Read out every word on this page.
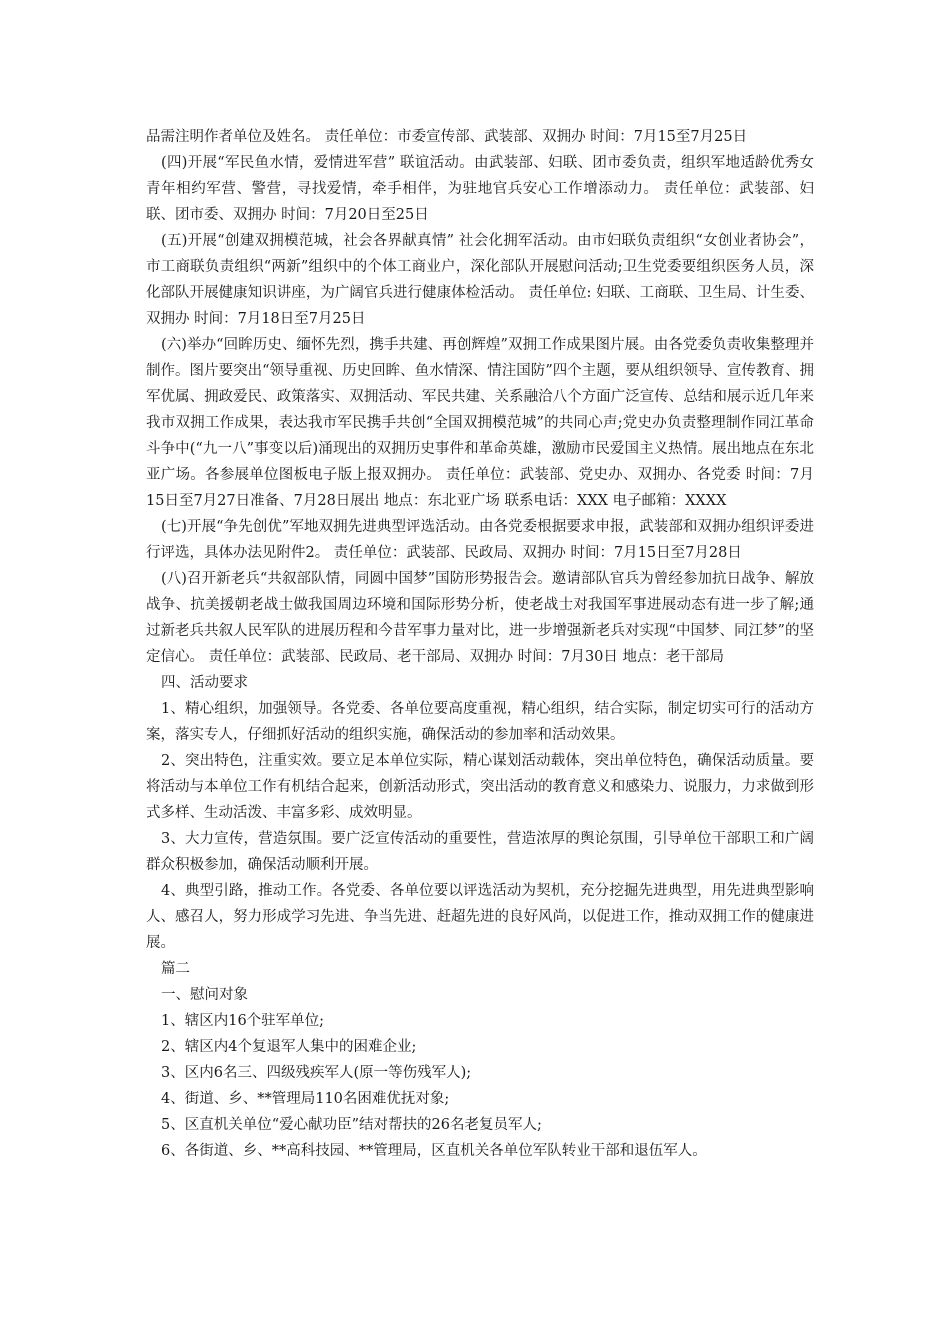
品需注明作者单位及姓名。 责任单位：市委宣传部、武装部、双拥办 时间：7月15至7月25日

(四)开展“军民鱼水情，爱情进军营” 联谊活动。由武装部、妇联、团市委负责，组织军地适龄优秀女青年相约军营、警营，寻找爱情，牵手相伴，为驻地官兵安心工作增添动力。 责任单位：武装部、妇联、团市委、双拥办 时间：7月20日至25日

(五)开展“创建双拥模范城，社会各界献真情” 社会化拥军活动。由市妇联负责组织“女创业者协会”，市工商联负责组织“两新”组织中的个体工商业户，深化部队开展慰问活动;卫生党委要组织医务人员，深化部队开展健康知识讲座，为广阔官兵进行健康体检活动。 责任单位: 妇联、工商联、卫生局、计生委、双拥办 时间：7月18日至7月25日

(六)举办“回眸历史、缅怀先烈，携手共建、再创辉煌”双拥工作成果图片展。由各党委负责收集整理并制作。图片要突出“领导重视、历史回眸、鱼水情深、情注国防”四个主题，要从组织领导、宣传教育、拥军优属、拥政爱民、政策落实、双拥活动、军民共建、关系融洽八个方面广泛宣传、总结和展示近几年来我市双拥工作成果，表达我市军民携手共创“全国双拥模范城”的共同心声;党史办负责整理制作同江革命斗争中(“九一八”事变以后)涌现出的双拥历史事件和革命英雄，激励市民爱国主义热情。展出地点在东北亚广场。各参展单位图板电子版上报双拥办。 责任单位：武装部、党史办、双拥办、各党委 时间：7月15日至7月27日准备、7月28日展出 地点：东北亚广场 联系电话：XXX 电子邮箱：XXXX

(七)开展“争先创优”军地双拥先进典型评选活动。由各党委根据要求申报，武装部和双拥办组织评委进行评选，具体办法见附件2。 责任单位：武装部、民政局、双拥办 时间：7月15日至7月28日

(八)召开新老兵“共叙部队情，同圆中国梦”国防形势报告会。邀请部队官兵为曾经参加抗日战争、解放战争、抗美援朝老战士做我国周边环境和国际形势分析，使老战士对我国军事进展动态有进一步了解;通过新老兵共叙人民军队的进展历程和今昔军事力量对比，进一步增强新老兵对实现“中国梦、同江梦”的坚定信心。 责任单位：武装部、民政局、老干部局、双拥办 时间：7月30日 地点：老干部局

四、活动要求

1、精心组织，加强领导。各党委、各单位要高度重视，精心组织，结合实际，制定切实可行的活动方案，落实专人，仔细抓好活动的组织实施，确保活动的参加率和活动效果。

2、突出特色，注重实效。要立足本单位实际，精心谋划活动载体，突出单位特色，确保活动质量。要将活动与本单位工作有机结合起来，创新活动形式，突出活动的教育意义和感染力、说服力，力求做到形式多样、生动活泼、丰富多彩、成效明显。

3、大力宣传，营造氛围。要广泛宣传活动的重要性，营造浓厚的舆论氛围，引导单位干部职工和广阔群众积极参加，确保活动顺利开展。

4、典型引路，推动工作。各党委、各单位要以评选活动为契机，充分挖掘先进典型，用先进典型影响人、感召人，努力形成学习先进、争当先进、赶超先进的良好风尚，以促进工作，推动双拥工作的健康进展。

篇二

一、慰问对象

1、辖区内16个驻军单位;

2、辖区内4个复退军人集中的困难企业;

3、区内6名三、四级残疾军人(原一等伤残军人);

4、街道、乡、**管理局110名困难优抚对象;

5、区直机关单位“爱心献功臣”结对帮扶的26名老复员军人;

6、各街道、乡、**高科技园、**管理局，区直机关各单位军队转业干部和退伍军人。
